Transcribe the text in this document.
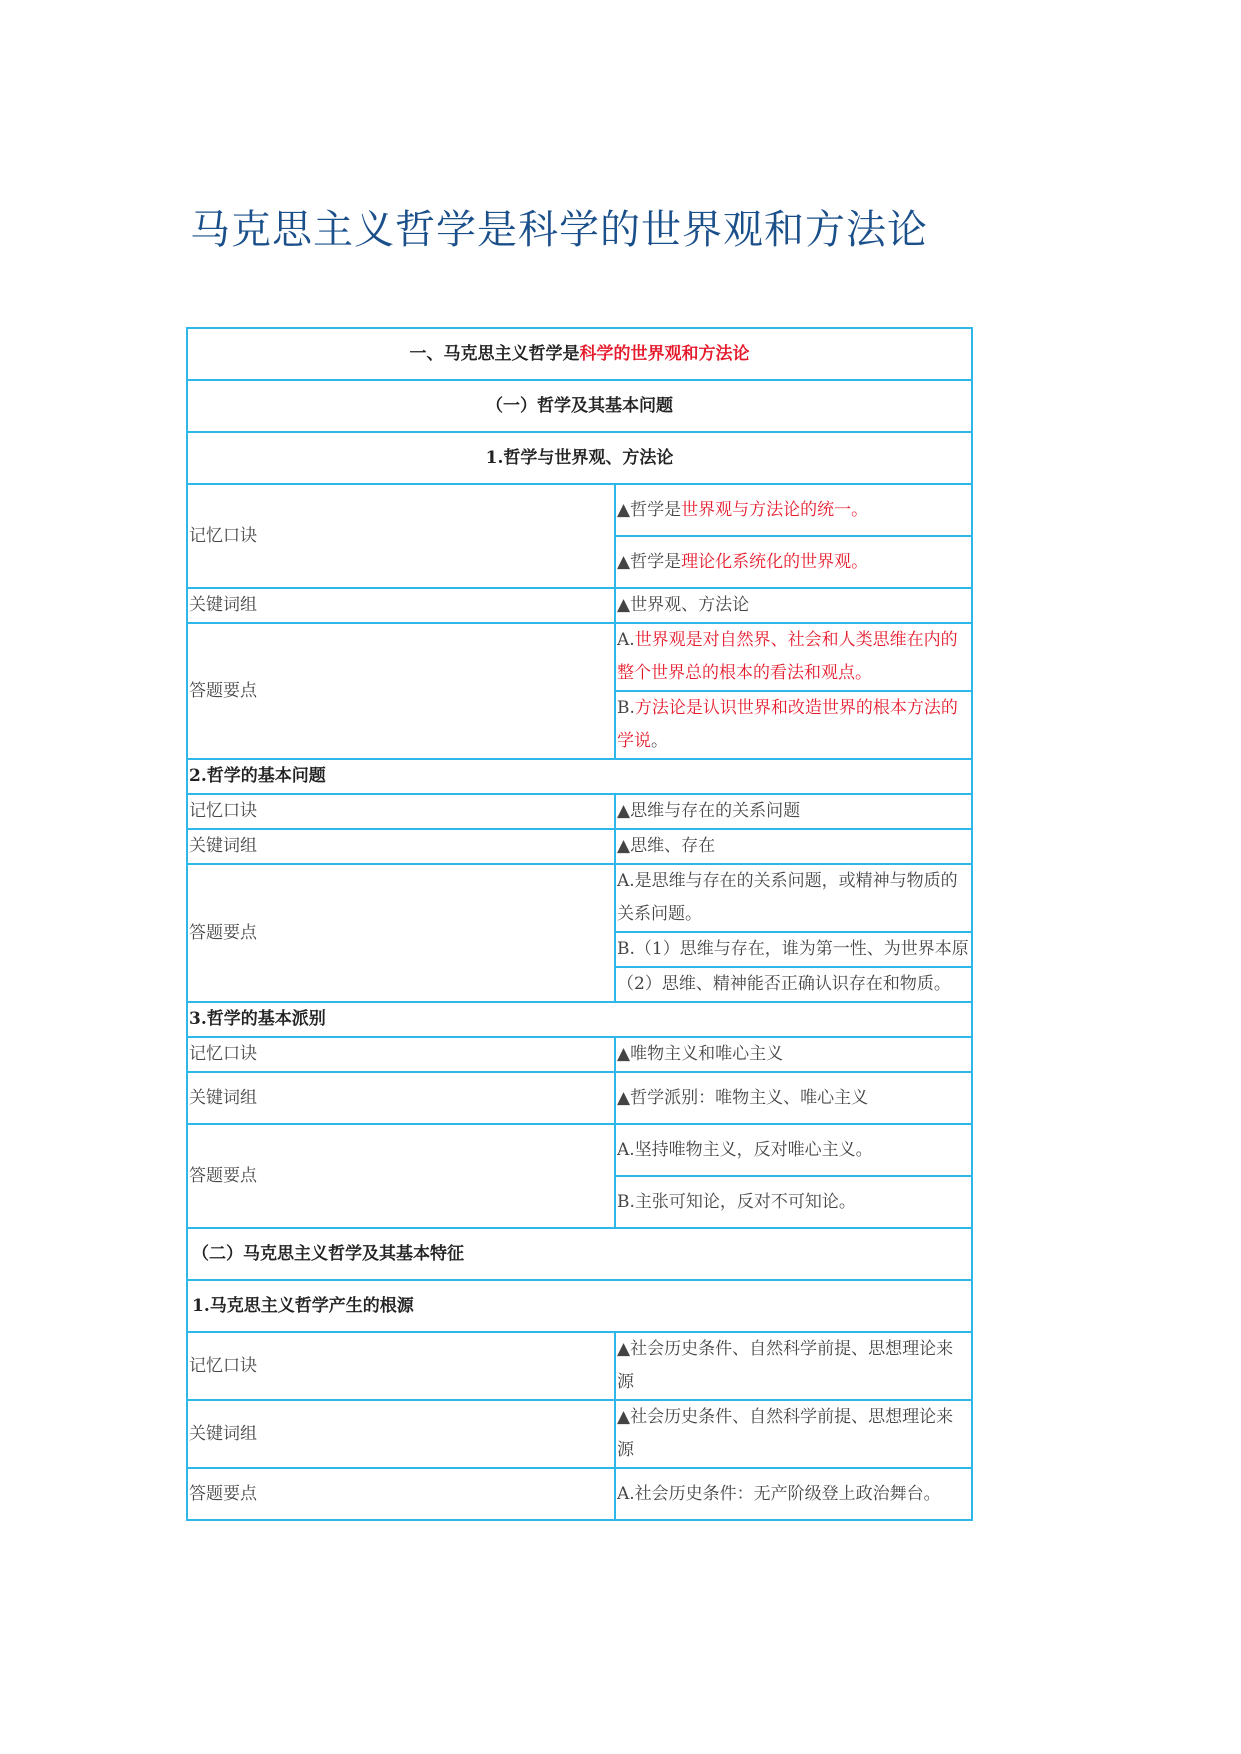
马克思主义哲学是科学的世界观和方法论
一、马克思主义哲学是科学的世界观和方法论	
（一）哲学及其基本问题	
1.哲学与世界观、方法论	
记忆口诀	▲哲学是世界观与方法论的统一。
	▲哲学是理论化系统化的世界观。
关键词组	▲世界观、方法论
答题要点	A.世界观是对自然界、社会和人类思维在内的整个世界总的根本的看法和观点。
	B.方法论是认识世界和改造世界的根本方法的学说。
2.哲学的基本问题	
记忆口诀	▲思维与存在的关系问题
关键词组	▲思维、存在
答题要点	A.是思维与存在的关系问题，或精神与物质的关系问题。
	B.（1）思维与存在，谁为第一性、为世界本原
	（2）思维、精神能否正确认识存在和物质。
3.哲学的基本派别	
记忆口诀	▲唯物主义和唯心主义
关键词组	▲哲学派别：唯物主义、唯心主义
答题要点	A.坚持唯物主义，反对唯心主义。
	B.主张可知论，反对不可知论。
（二）马克思主义哲学及其基本特征	
1.马克思主义哲学产生的根源	
记忆口诀	▲社会历史条件、自然科学前提、思想理论来源
关键词组	▲社会历史条件、自然科学前提、思想理论来源
答题要点	A.社会历史条件：无产阶级登上政治舞台。
